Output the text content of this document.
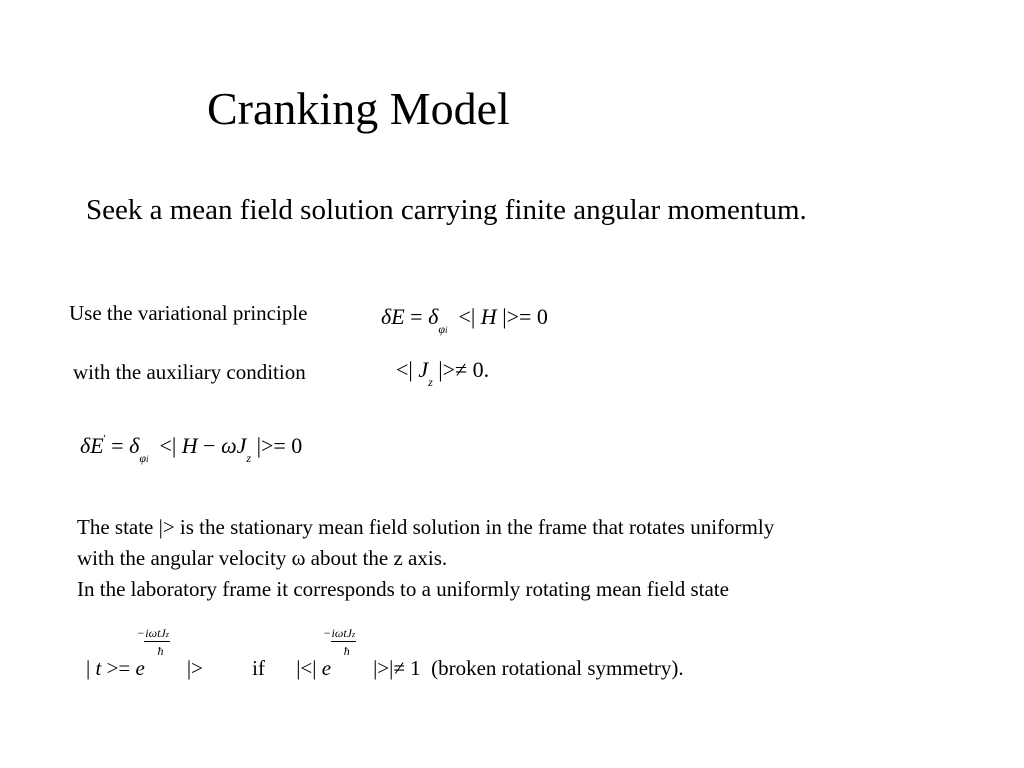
Cranking Model
Seek a mean field solution carrying finite angular momentum.
Use the variational principle	$\delta E = \delta_{\varphi i}$  <| H |>= 0
with the auxiliary condition	<| $J_z$ |>≠ 0.
$\delta E' = \delta_{\varphi i}$  <| $H - \omega J_z$ |>= 0
The state |> is the stationary mean field solution in the frame that rotates uniformly
with the angular velocity ω about the z axis.
In the laboratory frame it corresponds to a uniformly rotating mean field state
| t >= e
−iωtJz
ħ
|> if |<| e
−iωtJz
ħ
|>|≠ 1 (broken rotational symmetry).
